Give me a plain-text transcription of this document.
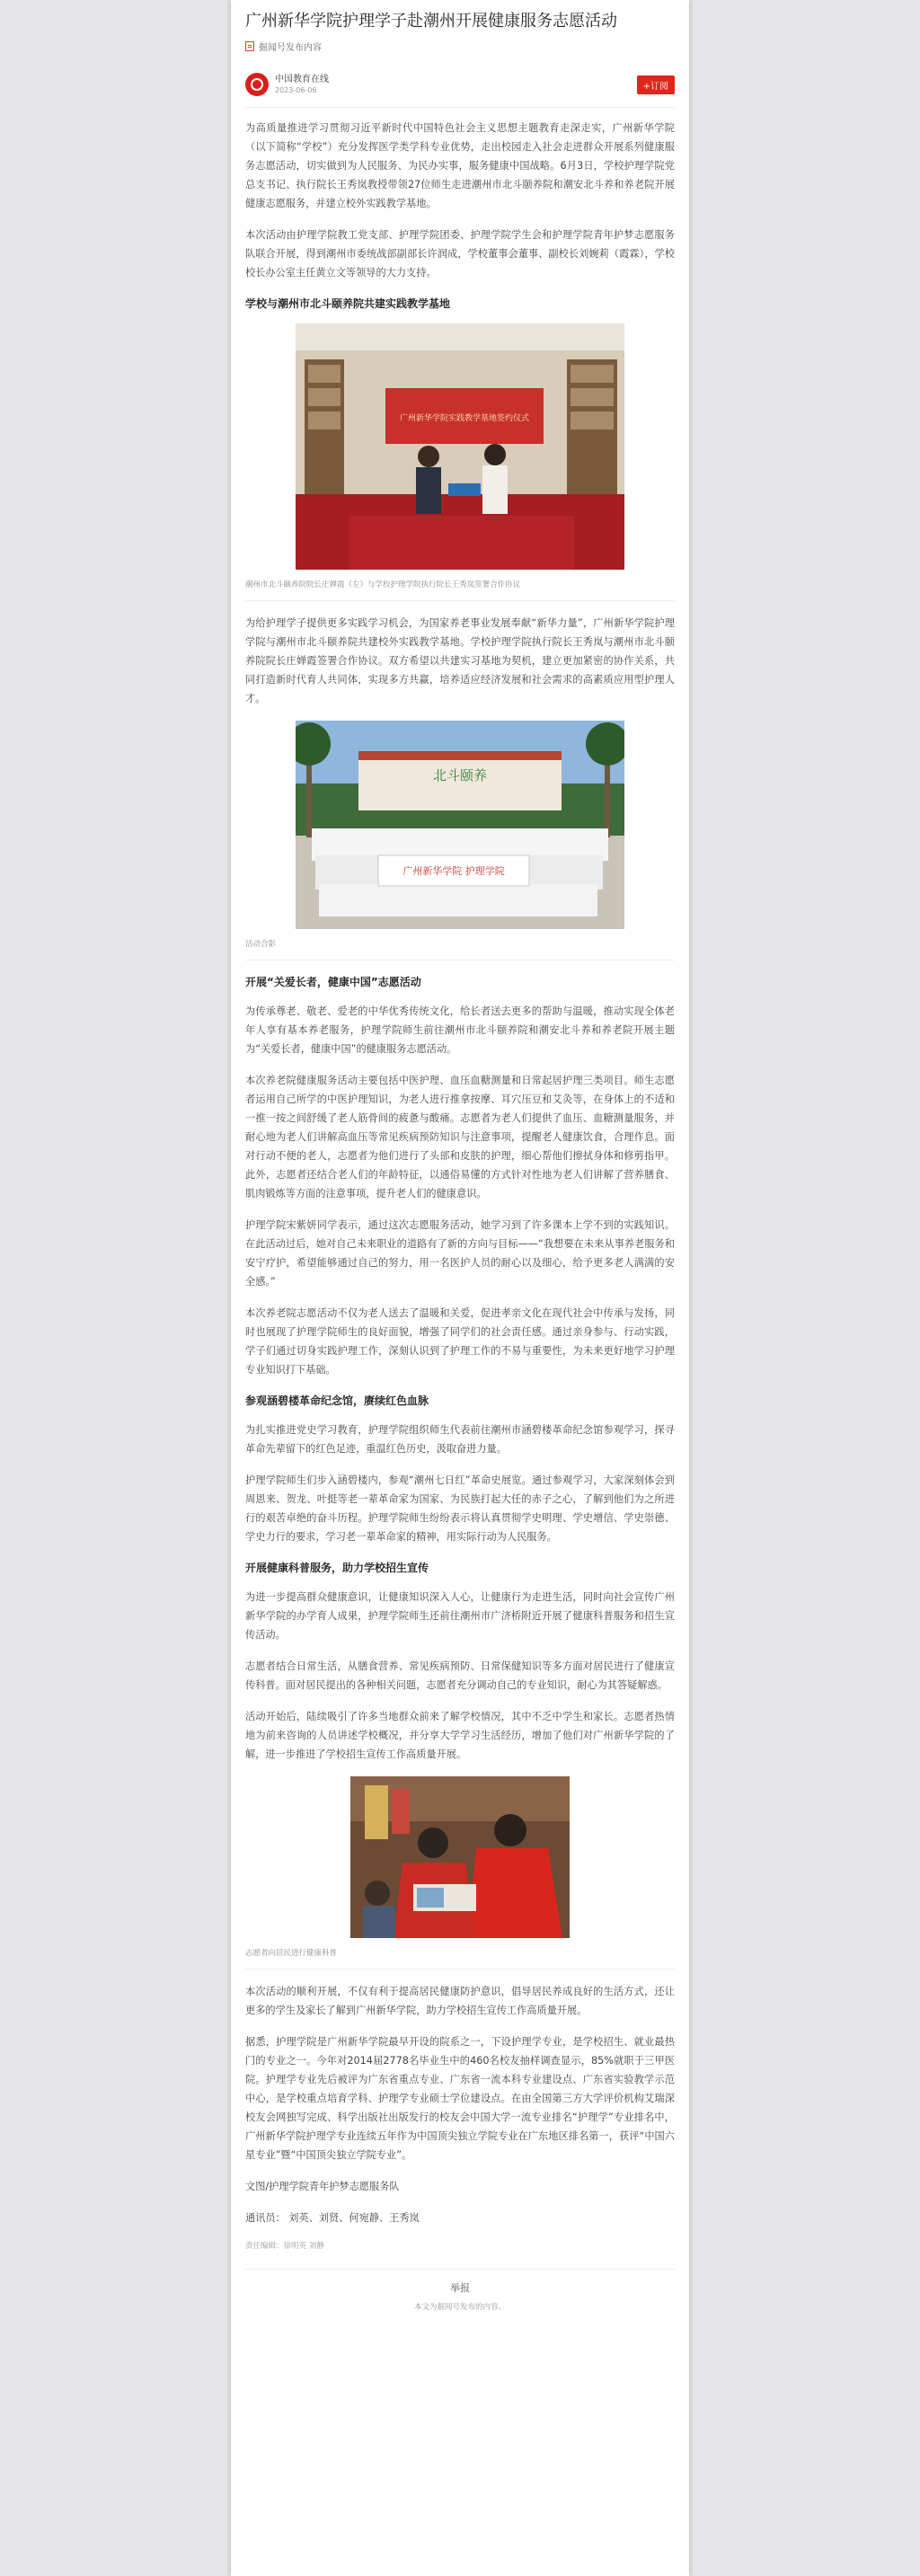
广州新华学院护理学子赴潮州开展健康服务志愿活动
掘闻号发布内容
中国教育在线
2023-06-06	+订阅

为高质量推进学习贯彻习近平新时代中国特色社会主义思想主题教育走深走实，广州新华学院（以下简称“学校”）充分发挥医学类学科专业优势，走出校园走入社会走进群众开展系列健康服务志愿活动，切实做到为人民服务、为民办实事，服务健康中国战略。6月3日，学校护理学院党总支书记、执行院长王秀岚教授带领27位师生走进潮州市北斗颐养院和潮安北斗养和养老院开展健康志愿服务，并建立校外实践教学基地。

本次活动由护理学院教工党支部、护理学院团委、护理学院学生会和护理学院青年护梦志愿服务队联合开展，得到潮州市委统战部副部长许润成，学校董事会董事、副校长刘婉莉（霞霖），学校校长办公室主任黄立文等领导的大力支持。

学校与潮州市北斗颐养院共建实践教学基地
广州新华学院实践教学基地签约仪式
潮州市北斗颐养院院长庄婵霞（左）与学校护理学院执行院长王秀岚签署合作协议

为给护理学子提供更多实践学习机会，为国家养老事业发展奉献“新华力量”，广州新华学院护理学院与潮州市北斗颐养院共建校外实践教学基地。学校护理学院执行院长王秀岚与潮州市北斗颐养院院长庄婵霞签署合作协议。双方希望以共建实习基地为契机，建立更加紧密的协作关系，共同打造新时代育人共同体，实现多方共赢，培养适应经济发展和社会需求的高素质应用型护理人才。

北斗颐养
广州新华学院 护理学院
活动合影
开展“关爱长者，健康中国”志愿活动

为传承尊老、敬老、爱老的中华优秀传统文化，给长者送去更多的帮助与温暖，推动实现全体老年人享有基本养老服务，护理学院师生前往潮州市北斗颐养院和潮安北斗养和养老院开展主题为“关爱长者，健康中国”的健康服务志愿活动。

本次养老院健康服务活动主要包括中医护理、血压血糖测量和日常起居护理三类项目。师生志愿者运用自己所学的中医护理知识，为老人进行推拿按摩、耳穴压豆和艾灸等，在身体上的不适和一推一按之间舒缓了老人筋骨间的疲惫与酸痛。志愿者为老人们提供了血压、血糖测量服务，并耐心地为老人们讲解高血压等常见疾病预防知识与注意事项，提醒老人健康饮食，合理作息。面对行动不便的老人，志愿者为他们进行了头部和皮肤的护理，细心帮他们擦拭身体和修剪指甲。此外，志愿者还结合老人们的年龄特征，以通俗易懂的方式针对性地为老人们讲解了营养膳食、肌肉锻炼等方面的注意事项，提升老人们的健康意识。

护理学院宋紫妍同学表示，通过这次志愿服务活动，她学习到了许多课本上学不到的实践知识。在此活动过后，她对自己未来职业的道路有了新的方向与目标——“我想要在未来从事养老服务和安宁疗护，希望能够通过自己的努力，用一名医护人员的耐心以及细心，给予更多老人满满的安全感。”

本次养老院志愿活动不仅为老人送去了温暖和关爱，促进孝亲文化在现代社会中传承与发扬，同时也展现了护理学院师生的良好面貌，增强了同学们的社会责任感。通过亲身参与、行动实践，学子们通过切身实践护理工作，深刻认识到了护理工作的不易与重要性，为未来更好地学习护理专业知识打下基础。

参观涵碧楼革命纪念馆，赓续红色血脉

为扎实推进党史学习教育，护理学院组织师生代表前往潮州市涵碧楼革命纪念馆参观学习，探寻革命先辈留下的红色足迹，重温红色历史，汲取奋进力量。

护理学院师生们步入涵碧楼内，参观“潮州七日红”革命史展览。通过参观学习，大家深刻体会到周恩来、贺龙、叶挺等老一辈革命家为国家、为民族打起大任的赤子之心，了解到他们为之所进行的艰苦卓绝的奋斗历程。护理学院师生纷纷表示将认真贯彻学史明理、学史增信、学史崇德、学史力行的要求，学习老一辈革命家的精神，用实际行动为人民服务。

开展健康科普服务，助力学校招生宣传

为进一步提高群众健康意识，让健康知识深入人心，让健康行为走进生活，同时向社会宣传广州新华学院的办学育人成果，护理学院师生还前往潮州市广济桥附近开展了健康科普服务和招生宣传活动。

志愿者结合日常生活，从膳食营养、常见疾病预防、日常保健知识等多方面对居民进行了健康宣传科普。面对居民提出的各种相关问题，志愿者充分调动自己的专业知识，耐心为其答疑解惑。

活动开始后，陆续吸引了许多当地群众前来了解学校情况，其中不乏中学生和家长。志愿者热情地为前来咨询的人员讲述学校概况，并分享大学学习生活经历，增加了他们对广州新华学院的了解，进一步推进了学校招生宣传工作高质量开展。

志愿者向居民进行健康科普

本次活动的顺利开展，不仅有利于提高居民健康防护意识，倡导居民养成良好的生活方式，还让更多的学生及家长了解到广州新华学院，助力学校招生宣传工作高质量开展。

据悉，护理学院是广州新华学院最早开设的院系之一，下设护理学专业，是学校招生、就业最热门的专业之一。今年对2014届2778名毕业生中的460名校友抽样调查显示，85%就职于三甲医院。护理学专业先后被评为广东省重点专业、广东省一流本科专业建设点、广东省实验教学示范中心，是学校重点培育学科、护理学专业硕士学位建设点。在由全国第三方大学评价机构艾瑞深校友会网独写完成、科学出版社出版发行的校友会中国大学一流专业排名“护理学”专业排名中，广州新华学院护理学专业连续五年作为中国顶尖独立学院专业在广东地区排名第一，获评“中国六星专业”暨“中国顶尖独立学院专业”。

文图/护理学院青年护梦志愿服务队

通讯员： 刘英、刘贤、何宛静、王秀岚

责任编辑：徐明英 刘静
举报
本文为掘闻号发布的内容。
